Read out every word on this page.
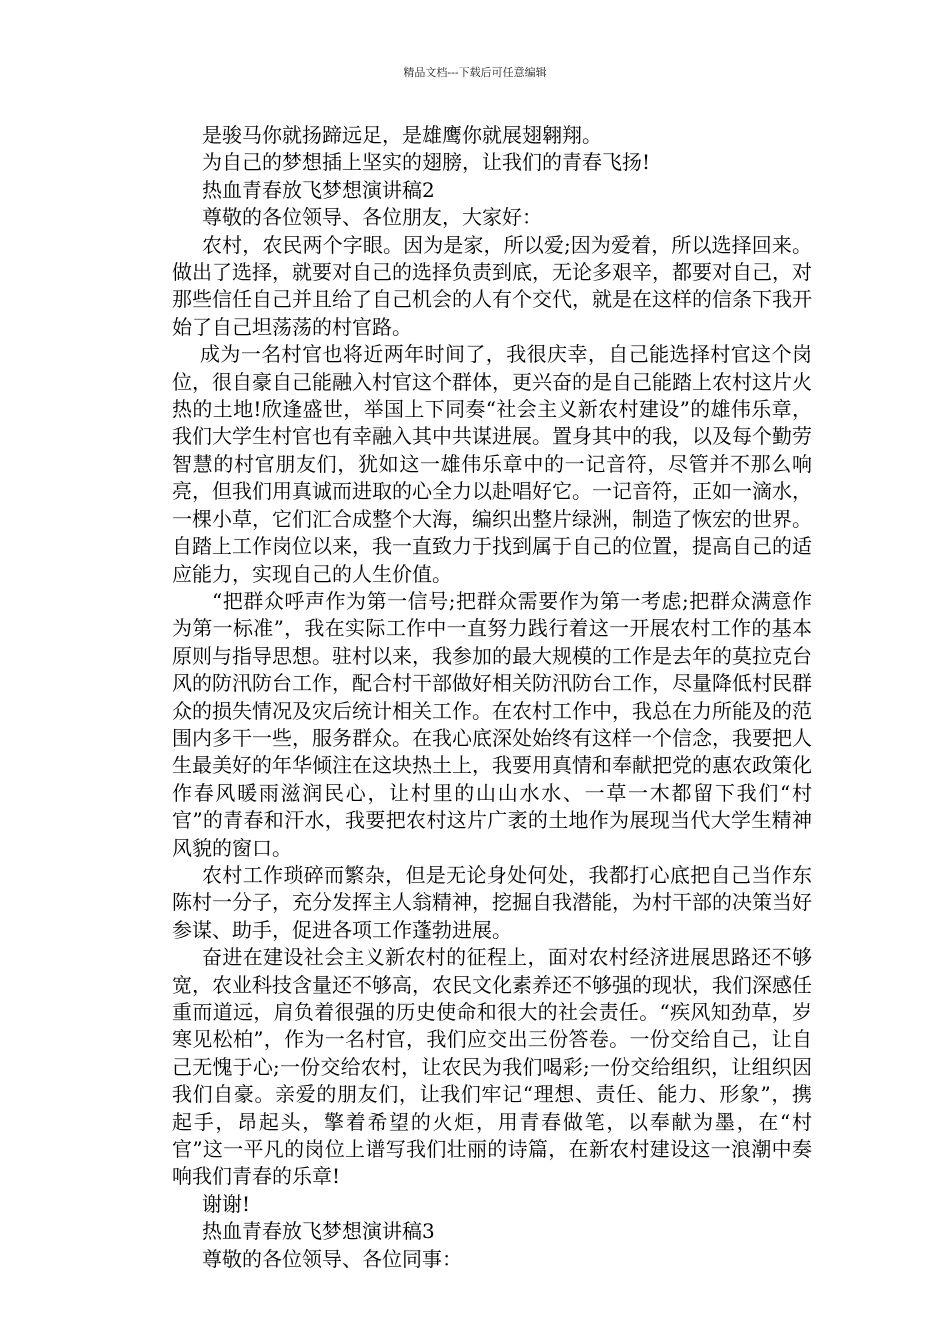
精品文档---下载后可任意编辑

是骏马你就扬蹄远足，是雄鹰你就展翅翱翔。

为自己的梦想插上坚实的翅膀，让我们的青春飞扬!

热血青春放飞梦想演讲稿2

尊敬的各位领导、各位朋友，大家好：

农村，农民两个字眼。因为是家，所以爱;因为爱着，所以选择回来。做出了选择，就要对自己的选择负责到底，无论多艰辛，都要对自己，对那些信任自己并且给了自己机会的人有个交代，就是在这样的信条下我开始了自己坦荡荡的村官路。

成为一名村官也将近两年时间了，我很庆幸，自己能选择村官这个岗位，很自豪自己能融入村官这个群体，更兴奋的是自己能踏上农村这片火热的土地!欣逢盛世，举国上下同奏“社会主义新农村建设”的雄伟乐章，我们大学生村官也有幸融入其中共谋进展。置身其中的我，以及每个勤劳智慧的村官朋友们，犹如这一雄伟乐章中的一记音符，尽管并不那么响亮，但我们用真诚而进取的心全力以赴唱好它。一记音符，正如一滴水，一棵小草，它们汇合成整个大海，编织出整片绿洲，制造了恢宏的世界。自踏上工作岗位以来，我一直致力于找到属于自己的位置，提高自己的适应能力，实现自己的人生价值。

“把群众呼声作为第一信号;把群众需要作为第一考虑;把群众满意作为第一标准”，我在实际工作中一直努力践行着这一开展农村工作的基本原则与指导思想。驻村以来，我参加的最大规模的工作是去年的莫拉克台风的防汛防台工作，配合村干部做好相关防汛防台工作，尽量降低村民群众的损失情况及灾后统计相关工作。在农村工作中，我总在力所能及的范围内多干一些，服务群众。在我心底深处始终有这样一个信念，我要把人生最美好的年华倾注在这块热土上，我要用真情和奉献把党的惠农政策化作春风暖雨滋润民心，让村里的山山水水、一草一木都留下我们“村官”的青春和汗水，我要把农村这片广袤的土地作为展现当代大学生精神风貌的窗口。

农村工作琐碎而繁杂，但是无论身处何处，我都打心底把自己当作东陈村一分子，充分发挥主人翁精神，挖掘自我潜能，为村干部的决策当好参谋、助手，促进各项工作蓬勃进展。

奋进在建设社会主义新农村的征程上，面对农村经济进展思路还不够宽，农业科技含量还不够高，农民文化素养还不够强的现状，我们深感任重而道远，肩负着很强的历史使命和很大的社会责任。“疾风知劲草，岁寒见松柏”，作为一名村官，我们应交出三份答卷。一份交给自己，让自己无愧于心;一份交给农村，让农民为我们喝彩;一份交给组织，让组织因我们自豪。亲爱的朋友们，让我们牢记“理想、责任、能力、形象”，携起手，昂起头，擎着希望的火炬，用青春做笔，以奉献为墨，在“村官”这一平凡的岗位上谱写我们壮丽的诗篇，在新农村建设这一浪潮中奏响我们青春的乐章!

谢谢!

热血青春放飞梦想演讲稿3

尊敬的各位领导、各位同事：
